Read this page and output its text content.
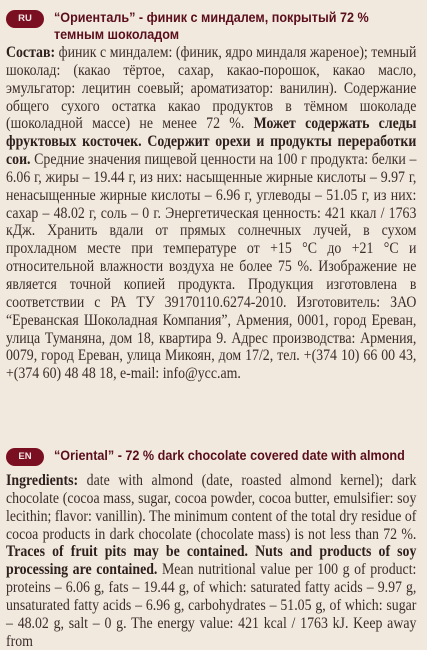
RU	“Ориенталь” - финик с миндалем, покрытый 72 % темным шоколадом
Состав: финик с миндалем: (финик, ядро миндаля жареное); темный шоколад: (какао тёртое, сахар, какао-порошок, какао масло, эмульгатор: лецитин соевый; ароматизатор: ванилин). Содержание общего сухого остатка какао продуктов в тёмном шоколаде (шоколадной массе) не менее 72 %. Может содержать следы фруктовых косточек. Содержит орехи и продукты переработки сои. Средние значения пищевой ценности на 100 г продукта: белки – 6.06 г, жиры – 19.44 г, из них: насыщенные жирные кислоты – 9.97 г, ненасыщенные жирные кислоты – 6.96 г, углеводы – 51.05 г, из них: сахар – 48.02 г, соль – 0 г. Энергетическая ценность: 421 ккал / 1763 кДж. Хранить вдали от прямых солнечных лучей, в сухом прохладном месте при температуре от +15 °С до +21 °С и относительной влажности воздуха не более 75 %. Изображение не является точной копией продукта. Продукция изготовлена в соответствии с РА ТУ 39170110.6274-2010. Изготовитель: ЗАО “Ереванская Шоколадная Компания”, Армения, 0001, город Ереван, улица Туманяна, дом 18, квартира 9. Адрес производства: Армения, 0079, город Ереван, улица Микоян, дом 17/2, тел. +(374 10) 66 00 43, +(374 60) 48 48 18, e-mail: info@ycc.am.
EN	“Oriental” - 72 % dark chocolate covered date with almond
Ingredients: date with almond (date, roasted almond kernel); dark chocolate (cocoa mass, sugar, cocoa powder, cocoa butter, emulsifier: soy lecithin; flavor: vanillin). The minimum content of the total dry residue of cocoa products in dark chocolate (chocolate mass) is not less than 72 %. Traces of fruit pits may be contained. Nuts and products of soy processing are contained. Mean nutritional value per 100 g of product: proteins – 6.06 g, fats – 19.44 g, of which: saturated fatty acids – 9.97 g, unsaturated fatty acids – 6.96 g, carbohydrates – 51.05 g, of which: sugar – 48.02 g, salt – 0 g. The energy value: 421 kcal / 1763 kJ. Keep away from
